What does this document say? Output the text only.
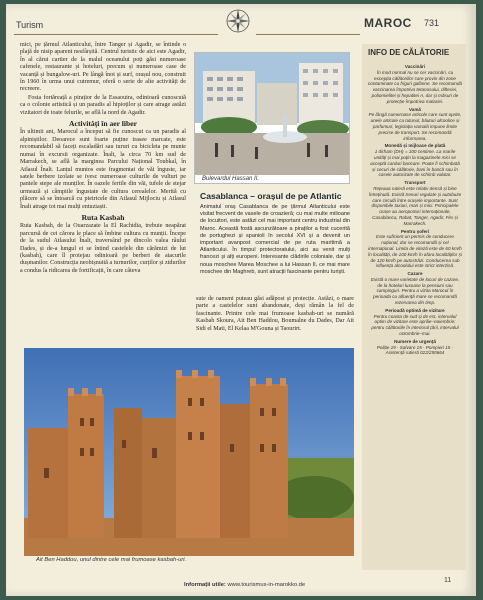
Turism	MAROC 731

mici, pe țărmul Atlanticului, între Tanger și Agadir, se întinde o plajă de nisip aparent nesfârșită. Centrul turistic de aici este Agadir, în al cărui cartier de la malul oceanului poți găsi numeroase cafenele, restaurante și hoteluri, precum și numeroase case de vacanță și bungalow-uri. Pe lângă înot și surf, orașul nou, construit în 1960 în urma unui cutremur, oferă o serie de alte activități de recreere.

Fosta fortăreață a pirațior de la Essaouira, odinioară cunoscută ca o colonie artistică și un paradis al hipioților și care atrage astăzi vizitatori de toate felurile, se află la nord de Agadir.

Activități în aer liber

În ultimii ani, Marocul a început să fie cunoscut ca un paradis al alpiniștilor. Deoarece sunt foarte puține trasee marcate, este recomandabil să faceți escaladări sau tururi cu bicicleta pe munte numai în excursii organizate. Înalt, la circa 70 km sud de Marrakech, se află la marginea Parcului Național Toubkal, în Atlasul Înalt. Lanțul muntos este fragmentat de văi înguste, iar satele berbere izolate se ivesc numeroase culturile de vulturi pe pantele stepe ale munților. În oazele fertile din văi, tufele de stejar urmează și câmpiile îngustate de cultura cerealelor. Merită cu plăcere să se întoarcă cu pietricele din Atlasul Mijlociu și Atlasul Înalt atrage tot mai mulți entuziaști.

Ruta Kasbah

Ruta Kasbah, de la Ouarzazate la El Rachidia, trebuie neapărat parcursă de cei cărora le place să îmbine cultura cu munții. Începe de la sudul Atlasului Înalt, traversând pe dincolo valea râului Dades, și de-a lungul ei se întind castelele din cărămizi de lut (kasbah), care îl protejau odinioară pe berberi de atacurile dușmanilor. Construcția neobișnuită a turnurilor, curților și zidurilor a condus la ridicarea de fortificații, în care câteva

sute de oameni puteau găsi adăpost și protecție. Astăzi, o mare parte a castelelor sunt abandonate, deși rămân la fel de fascinante. Printre cele mai frumoase kasbah-uri se numără Kasbah Skoura, Ait Ben Haddou, Boumalne du Dades, Dar Ait Sidi el Mati, El Kelaa M'Gouna și Taourirt.

Bulevardul Hassan II.
Casablanca – orașul de pe Atlantic
Animatul oraș Casablanca de pe țărmul Atlanticului este visitat frecvent de vasele de croazieră; cu mai multe milioane de locuitori, este astăzi cel mai important centru industrial din Maroc. Această fostă ascunzătoare a piraților a fost cucerită de portughezi și spanioli în secolul XVI și a devenit un important avanpost comercial de pe ruta maritimă a Atlanticului. În timpul protectoratului, aici au venit mulți francezi și alți europeni. Interesante clădirile coloniale, dar și noua moschee Marea Moschee a lui Hassan II, ce mai mare moschee din Maghreb, sunt atracții fascinante pentru turiști.
INFO DE CĂLĂTORIE
Vaccinări
În mod normal nu se cer vaccinări, cu excepția călătoriilor care provin din zone contaminate cu friguri galbene. Se recomandă vaccinarea împotriva tetanosului, difteriei, poliomielitei și hepatitei A, dar și măsuri de protecție împotriva malariei.
Vamă
Pe lângă numeroase articole care sunt oprite, unele articole ca tutunul, băuturi alcoolice și parfumuri, legislația vamală impune limite precise de transport. Se recomandă informarea.
Monedă și mijloace de plată
1 dirham (DH) = 100 centime. La marile unități și mai puțin la magazinele mici se acceptă carduri bancare. Poate fi schimbată și cecuri de călătorie, bani în bancă sau în casele autorizate de schimb valutar.
Transport
Rețeaua rutieră este relativ densă și bine întreținută. Există trenuri regulate și autobuze care circulă între orașele importante. Sunt disponibile taxiuri, mari și mici. Principalele orașe au aeroporturi internaționale, Casablanca, Rabat, Tanger, Agadir, Fès și Marrakech.
Pentru șoferi
Este suficient un permis de conducere național, dar se recomandă și cel internațional. Limita de viteză este de 60 km/h în localități, de 100 km/h în afara localităților și de 120 km/h pe autostrăzi. Conducerea sub influența alcoolului este strict interzisă.
Cazare
Există o mare varietate de locuri de cazare, de la hoteluri luxoase la pensiuni sau campinguri. Pentru a vizita Marocul în perioada cu afluență mare se recomandă rezervarea din timp.
Perioadă optimă de vizitare
Pentru coasta de sud și de est, intervalul optim de vizitare este aprilie–noiembrie; pentru călătoriile în interiorul țării, intervalul octombrie–mai.
Numere de urgență
Poliție 19 · Salvare 15 · Pompieri 15 · Asistență rutieră 022/250664
Ait Ben Haddou, unul dintre cele mai frumoase kasbah-uri.
Informații utile: www.tourismus-in-marokko.de
11
